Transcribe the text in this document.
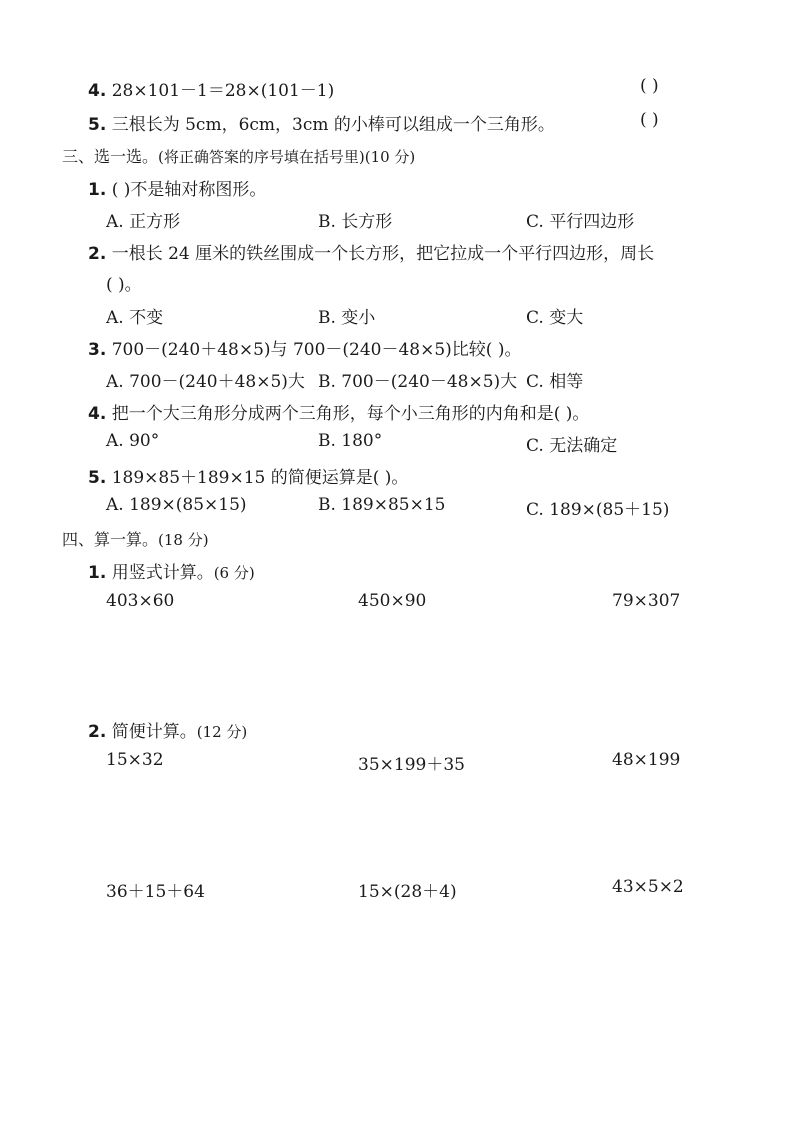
4. 28×101－1＝28×(101－1)	( )
5. 三根长为 5cm，6cm，3cm 的小棒可以组成一个三角形。	( )
三、选一选。(将正确答案的序号填在括号里)(10 分)
1. ( )不是轴对称图形。
A. 正方形	B. 长方形	C. 平行四边形
2. 一根长 24 厘米的铁丝围成一个长方形，把它拉成一个平行四边形，周长
( )。
A. 不变	B. 变小	C. 变大
3. 700－(240＋48×5)与 700－(240－48×5)比较( )。
A. 700－(240＋48×5)大 B. 700－(240－48×5)大 C. 相等
4. 把一个大三角形分成两个三角形，每个小三角形的内角和是( )。
A. 90°	B. 180°	C. 无法确定
5. 189×85＋189×15 的简便运算是( )。
A. 189×(85×15)	B. 189×85×15	C. 189×(85＋15)
四、算一算。(18 分)
1. 用竖式计算。(6 分)
403×60	450×90	79×307
2. 简便计算。(12 分)
15×32	35×199＋35	48×199
36＋15＋64	15×(28＋4)	43×5×2
